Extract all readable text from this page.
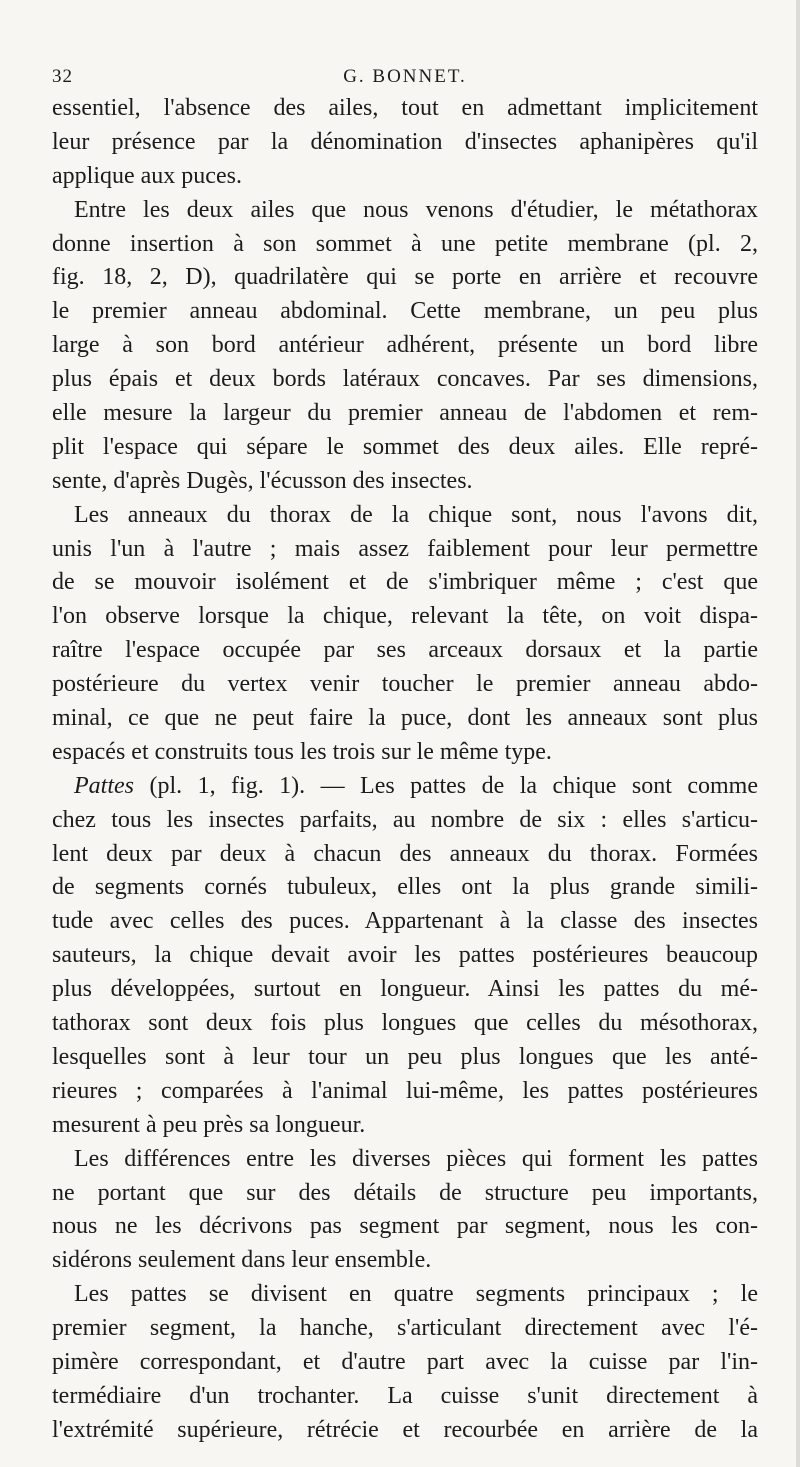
32	G. BONNET.
essentiel, l'absence des ailes, tout en admettant implicitement
leur présence par la dénomination d'insectes aphanipères qu'il
applique aux puces.
Entre les deux ailes que nous venons d'étudier, le métathorax
donne insertion à son sommet à une petite membrane (pl. 2,
fig. 18, 2, D), quadrilatère qui se porte en arrière et recouvre
le premier anneau abdominal. Cette membrane, un peu plus
large à son bord antérieur adhérent, présente un bord libre
plus épais et deux bords latéraux concaves. Par ses dimensions,
elle mesure la largeur du premier anneau de l'abdomen et rem-
plit l'espace qui sépare le sommet des deux ailes. Elle repré-
sente, d'après Dugès, l'écusson des insectes.
Les anneaux du thorax de la chique sont, nous l'avons dit,
unis l'un à l'autre ; mais assez faiblement pour leur permettre
de se mouvoir isolément et de s'imbriquer même ; c'est que
l'on observe lorsque la chique, relevant la tête, on voit dispa-
raître l'espace occupée par ses arceaux dorsaux et la partie
postérieure du vertex venir toucher le premier anneau abdo-
minal, ce que ne peut faire la puce, dont les anneaux sont plus
espacés et construits tous les trois sur le même type.
Pattes (pl. 1, fig. 1). — Les pattes de la chique sont comme
chez tous les insectes parfaits, au nombre de six : elles s'articu-
lent deux par deux à chacun des anneaux du thorax. Formées
de segments cornés tubuleux, elles ont la plus grande simili-
tude avec celles des puces. Appartenant à la classe des insectes
sauteurs, la chique devait avoir les pattes postérieures beaucoup
plus développées, surtout en longueur. Ainsi les pattes du mé-
tathorax sont deux fois plus longues que celles du mésothorax,
lesquelles sont à leur tour un peu plus longues que les anté-
rieures ; comparées à l'animal lui-même, les pattes postérieures
mesurent à peu près sa longueur.
Les différences entre les diverses pièces qui forment les pattes
ne portant que sur des détails de structure peu importants,
nous ne les décrivons pas segment par segment, nous les con-
sidérons seulement dans leur ensemble.
Les pattes se divisent en quatre segments principaux ; le
premier segment, la hanche, s'articulant directement avec l'é-
pimère correspondant, et d'autre part avec la cuisse par l'in-
termédiaire d'un trochanter. La cuisse s'unit directement à
l'extrémité supérieure, rétrécie et recourbée en arrière de la
